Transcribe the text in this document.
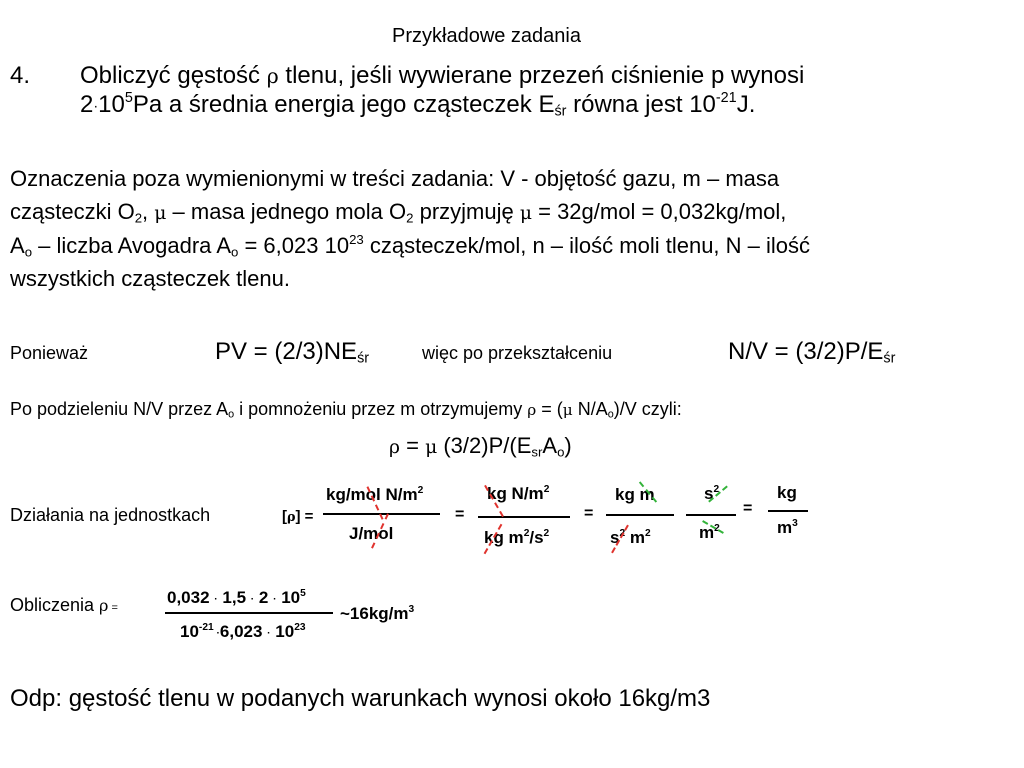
Przykładowe zadania
4. Obliczyć gęstość ρ tlenu, jeśli wywierane przezeń ciśnienie p wynosi
$2\cdot 10^5Pa$ a średnia energia jego cząsteczek $E_{śr}$ równa jest $10^{-21}J$.
Oznaczenia poza wymienionymi w treści zadania: V - objętość gazu, m – masa
cząsteczki $O_2$, μ – masa jednego mola $O_2$ przyjmuję μ = 32g/mol = 0,032kg/mol,
$A_o$ – liczba Avogadra $A_o = 6,023$ $10^{23}$ cząsteczek/mol, n – ilość moli tlenu, N – ilość
wszystkich cząsteczek tlenu.
Ponieważ	PV = $(2/3)NE_{śr}$	więc po przekształceniu	$N/V = (3/2)P/E_{śr}$
Po podzieleniu N/V przez $A_o$ i pomnożeniu przez m otrzymujemy ρ = (μ $N/A_o)/V$ czyli:
ρ = μ $(3/2)P/(E_{sr}A_o)$
Działania na jednostkach	[ρ] =
kg/mol $N/m^2$
J/mol
=
kg $N/m^2$
kg $m^2/s^2$
=
kg m
$s^2$ $m^2$
$s^2$
$m^2$
=
kg
$m^3$
Obliczenia ρ =
$0,032 \cdot 1,5 \cdot 2 \cdot 10^5$
$10^{-21} \cdot 6,023 \cdot 10^{23}$
$\sim 16kg/m^3$
Odp: gęstość tlenu w podanych warunkach wynosi około 16kg/m3
